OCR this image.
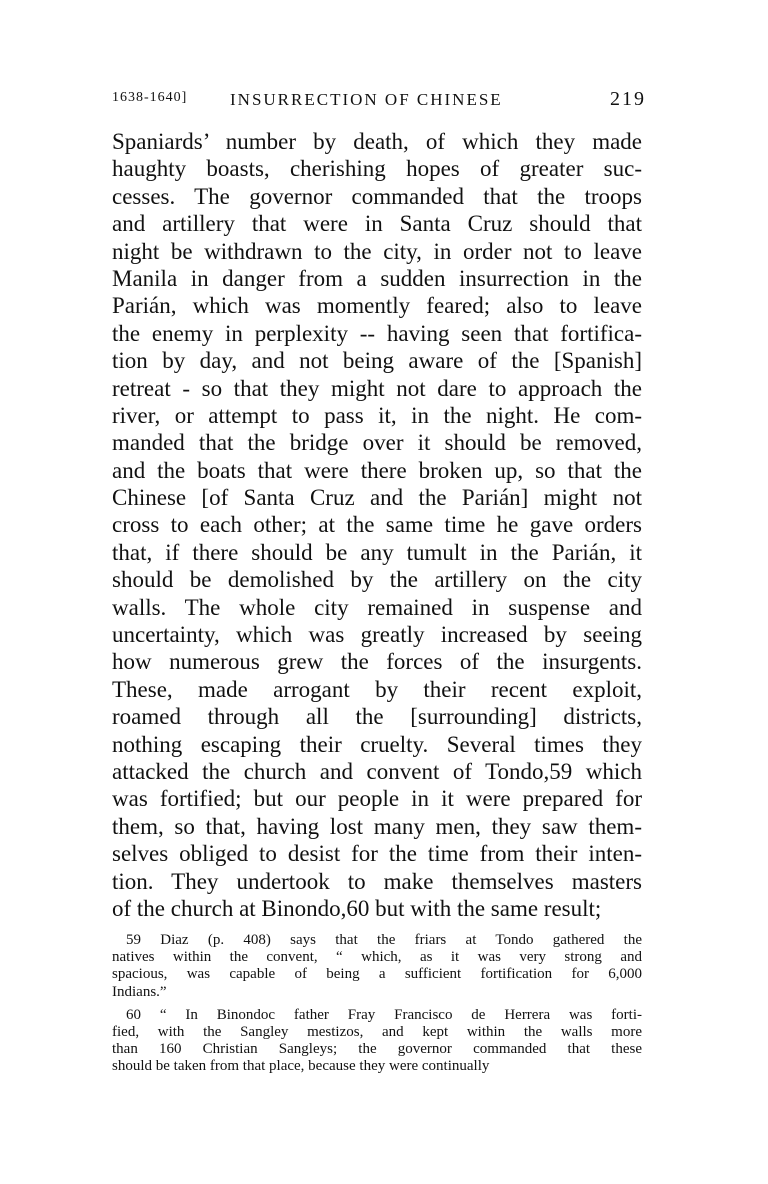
1638-1640]	INSURRECTION OF CHINESE	219
Spaniards’ number by death, of which they made
haughty boasts, cherishing hopes of greater suc-
cesses. The governor commanded that the troops
and artillery that were in Santa Cruz should that
night be withdrawn to the city, in order not to leave
Manila in danger from a sudden insurrection in the
Parián, which was momently feared; also to leave
the enemy in perplexity -- having seen that fortifica-
tion by day, and not being aware of the [Spanish]
retreat - so that they might not dare to approach the
river, or attempt to pass it, in the night. He com-
manded that the bridge over it should be removed,
and the boats that were there broken up, so that the
Chinese [of Santa Cruz and the Parián] might not
cross to each other; at the same time he gave orders
that, if there should be any tumult in the Parián, it
should be demolished by the artillery on the city
walls. The whole city remained in suspense and
uncertainty, which was greatly increased by seeing
how numerous grew the forces of the insurgents.
These, made arrogant by their recent exploit,
roamed through all the [surrounding] districts,
nothing escaping their cruelty. Several times they
attacked the church and convent of Tondo,59 which
was fortified; but our people in it were prepared for
them, so that, having lost many men, they saw them-
selves obliged to desist for the time from their inten-
tion. They undertook to make themselves masters
of the church at Binondo,60 but with the same result;
59 Diaz (p. 408) says that the friars at Tondo gathered the
natives within the convent, “ which, as it was very strong and
spacious, was capable of being a sufficient fortification for 6,000
Indians.”
60 “ In Binondoc father Fray Francisco de Herrera was forti-
fied, with the Sangley mestizos, and kept within the walls more
than 160 Christian Sangleys; the governor commanded that these
should be taken from that place, because they were continually
